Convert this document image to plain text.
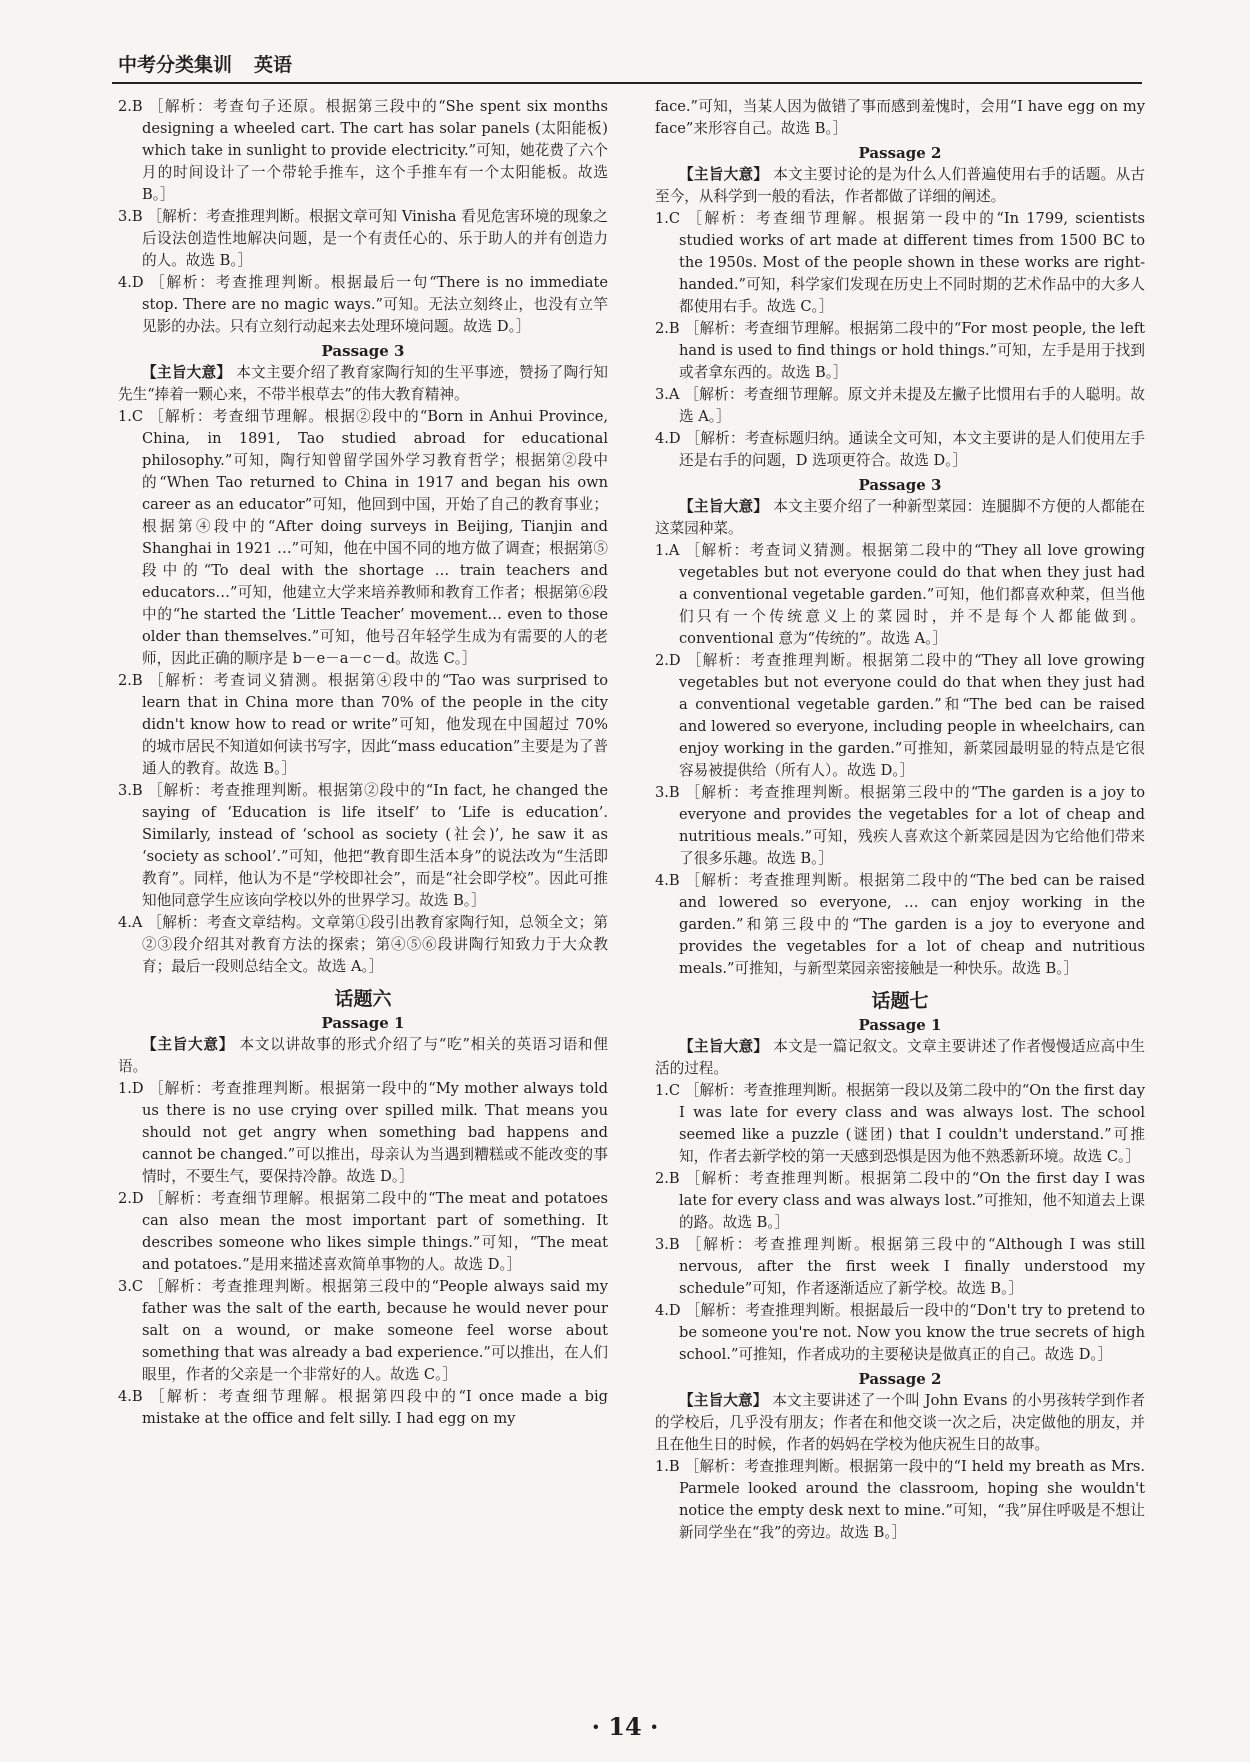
中考分类集训 英语

2.B ［解析：考查句子还原。根据第三段中的“She spent six months designing a wheeled cart. The cart has solar panels (太阳能板) which take in sunlight to provide electricity.”可知，她花费了六个月的时间设计了一个带轮手推车，这个手推车有一个太阳能板。故选 B。］

3.B ［解析：考查推理判断。根据文章可知 Vinisha 看见危害环境的现象之后设法创造性地解决问题，是一个有责任心的、乐于助人的并有创造力的人。故选 B。］

4.D ［解析：考查推理判断。根据最后一句“There is no immediate stop. There are no magic ways.”可知。无法立刻终止，也没有立竿见影的办法。只有立刻行动起来去处理环境问题。故选 D。］

Passage 3

【主旨大意】 本文主要介绍了教育家陶行知的生平事迹，赞扬了陶行知先生“捧着一颗心来，不带半根草去”的伟大教育精神。

1.C ［解析：考查细节理解。根据②段中的“Born in Anhui Province, China, in 1891, Tao studied abroad for educational philosophy.”可知，陶行知曾留学国外学习教育哲学；根据第②段中的“When Tao returned to China in 1917 and began his own career as an educator”可知，他回到中国，开始了自己的教育事业；根据第④段中的“After doing surveys in Beijing, Tianjin and Shanghai in 1921 …”可知，他在中国不同的地方做了调查；根据第⑤段中的“To deal with the shortage … train teachers and educators…”可知，他建立大学来培养教师和教育工作者；根据第⑥段中的“he started the ‘Little Teacher’ movement… even to those older than themselves.”可知，他号召年轻学生成为有需要的人的老师，因此正确的顺序是 b－e－a－c－d。故选 C。］

2.B ［解析：考查词义猜测。根据第④段中的“Tao was surprised to learn that in China more than 70% of the people in the city didn't know how to read or write”可知，他发现在中国超过 70% 的城市居民不知道如何读书写字，因此“mass education”主要是为了普通人的教育。故选 B。］

3.B ［解析：考查推理判断。根据第②段中的“In fact, he changed the saying of ‘Education is life itself’ to ‘Life is education’. Similarly, instead of ‘school as society (社会)’, he saw it as ‘society as school’.”可知，他把“教育即生活本身”的说法改为“生活即教育”。同样，他认为不是“学校即社会”，而是“社会即学校”。因此可推知他同意学生应该向学校以外的世界学习。故选 B。］

4.A ［解析：考查文章结构。文章第①段引出教育家陶行知，总领全文；第②③段介绍其对教育方法的探索；第④⑤⑥段讲陶行知致力于大众教育；最后一段则总结全文。故选 A。］

话题六

Passage 1

【主旨大意】 本文以讲故事的形式介绍了与“吃”相关的英语习语和俚语。

1.D ［解析：考查推理判断。根据第一段中的“My mother always told us there is no use crying over spilled milk. That means you should not get angry when something bad happens and cannot be changed.”可以推出，母亲认为当遇到糟糕或不能改变的事情时，不要生气，要保持冷静。故选 D。］

2.D ［解析：考查细节理解。根据第二段中的“The meat and potatoes can also mean the most important part of something. It describes someone who likes simple things.”可知，“The meat and potatoes.”是用来描述喜欢简单事物的人。故选 D。］

3.C ［解析：考查推理判断。根据第三段中的“People always said my father was the salt of the earth, because he would never pour salt on a wound, or make someone feel worse about something that was already a bad experience.”可以推出，在人们眼里，作者的父亲是一个非常好的人。故选 C。］

4.B ［解析：考查细节理解。根据第四段中的“I once made a big mistake at the office and felt silly. I had egg on my

face.”可知，当某人因为做错了事而感到羞愧时，会用“I have egg on my face”来形容自己。故选 B。］

Passage 2

【主旨大意】 本文主要讨论的是为什么人们普遍使用右手的话题。从古至今，从科学到一般的看法，作者都做了详细的阐述。

1.C ［解析：考查细节理解。根据第一段中的“In 1799, scientists studied works of art made at different times from 1500 BC to the 1950s. Most of the people shown in these works are right-handed.”可知，科学家们发现在历史上不同时期的艺术作品中的大多人都使用右手。故选 C。］

2.B ［解析：考查细节理解。根据第二段中的“For most people, the left hand is used to find things or hold things.”可知，左手是用于找到或者拿东西的。故选 B。］

3.A ［解析：考查细节理解。原文并未提及左撇子比惯用右手的人聪明。故选 A。］

4.D ［解析：考查标题归纳。通读全文可知，本文主要讲的是人们使用左手还是右手的问题，D 选项更符合。故选 D。］

Passage 3

【主旨大意】 本文主要介绍了一种新型菜园：连腿脚不方便的人都能在这菜园种菜。

1.A ［解析：考查词义猜测。根据第二段中的“They all love growing vegetables but not everyone could do that when they just had a conventional vegetable garden.”可知，他们都喜欢种菜，但当他们只有一个传统意义上的菜园时，并不是每个人都能做到。conventional 意为“传统的”。故选 A。］

2.D ［解析：考查推理判断。根据第二段中的“They all love growing vegetables but not everyone could do that when they just had a conventional vegetable garden.”和“The bed can be raised and lowered so everyone, including people in wheelchairs, can enjoy working in the garden.”可推知，新菜园最明显的特点是它很容易被提供给（所有人）。故选 D。］

3.B ［解析：考查推理判断。根据第三段中的“The garden is a joy to everyone and provides the vegetables for a lot of cheap and nutritious meals.”可知，残疾人喜欢这个新菜园是因为它给他们带来了很多乐趣。故选 B。］

4.B ［解析：考查推理判断。根据第二段中的“The bed can be raised and lowered so everyone, … can enjoy working in the garden.”和第三段中的“The garden is a joy to everyone and provides the vegetables for a lot of cheap and nutritious meals.”可推知，与新型菜园亲密接触是一种快乐。故选 B。］

话题七

Passage 1

【主旨大意】 本文是一篇记叙文。文章主要讲述了作者慢慢适应高中生活的过程。

1.C ［解析：考查推理判断。根据第一段以及第二段中的“On the first day I was late for every class and was always lost. The school seemed like a puzzle (谜团) that I couldn't understand.”可推知，作者去新学校的第一天感到恐惧是因为他不熟悉新环境。故选 C。］

2.B ［解析：考查推理判断。根据第二段中的“On the first day I was late for every class and was always lost.”可推知，他不知道去上课的路。故选 B。］

3.B ［解析：考查推理判断。根据第三段中的“Although I was still nervous, after the first week I finally understood my schedule”可知，作者逐渐适应了新学校。故选 B。］

4.D ［解析：考查推理判断。根据最后一段中的“Don't try to pretend to be someone you're not. Now you know the true secrets of high school.”可推知，作者成功的主要秘诀是做真正的自己。故选 D。］

Passage 2

【主旨大意】 本文主要讲述了一个叫 John Evans 的小男孩转学到作者的学校后，几乎没有朋友；作者在和他交谈一次之后，决定做他的朋友，并且在他生日的时候，作者的妈妈在学校为他庆祝生日的故事。

1.B ［解析：考查推理判断。根据第一段中的“I held my breath as Mrs. Parmele looked around the classroom, hoping she wouldn't notice the empty desk next to mine.”可知，“我”屏住呼吸是不想让新同学坐在“我”的旁边。故选 B。］

· 14 ·
